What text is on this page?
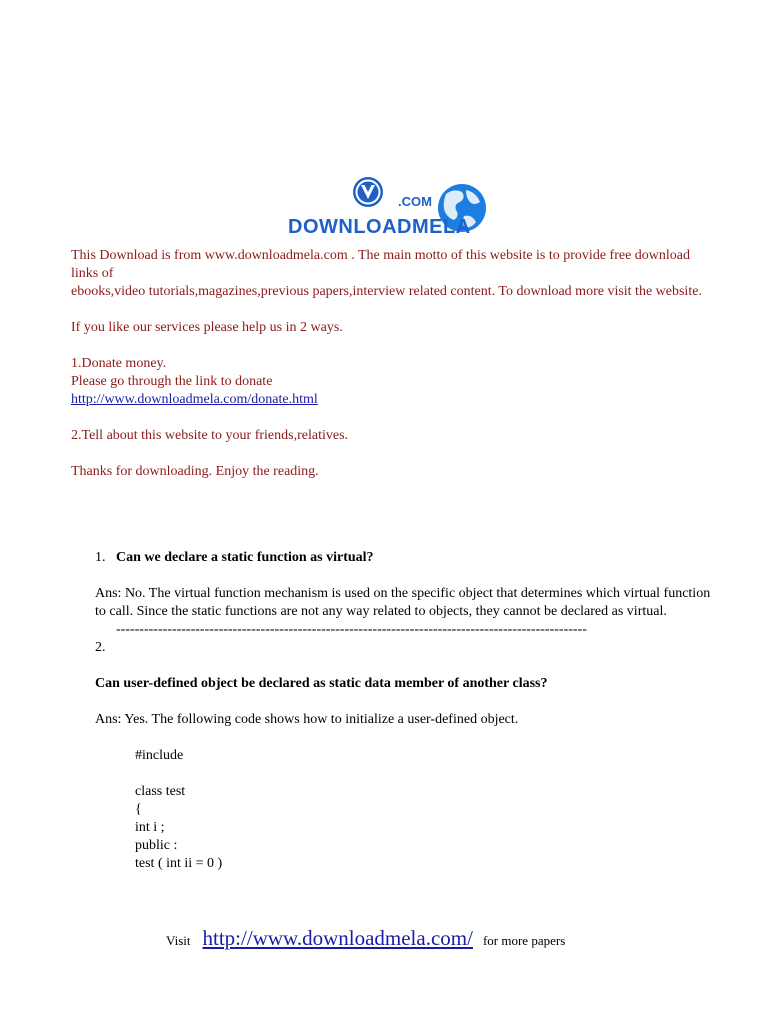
.COM
DOWNLOADMELA

This Download is from www.downloadmela.com . The main motto of this website is to provide free download links of

ebooks,video tutorials,magazines,previous papers,interview related content. To download more visit the website.

If you like our services please help us in 2 ways.

1.Donate money.

Please go through the link to donate

http://www.downloadmela.com/donate.html

2.Tell about this website to your friends,relatives.

Thanks for downloading. Enjoy the reading.

1. Can we declare a static function as virtual?

Ans: No. The virtual function mechanism is used on the specific object that determines which virtual function to call. Since the static functions are not any way related to objects, they cannot be declared as virtual.

-----------------------------------------------------------------------------------------------------

2.

Can user-defined object be declared as static data member of another class?

Ans: Yes. The following code shows how to initialize a user-defined object.

#include

class test

{

int i ;

public :

test ( int ii = 0 )

Visit http://www.downloadmela.com/ for more papers
